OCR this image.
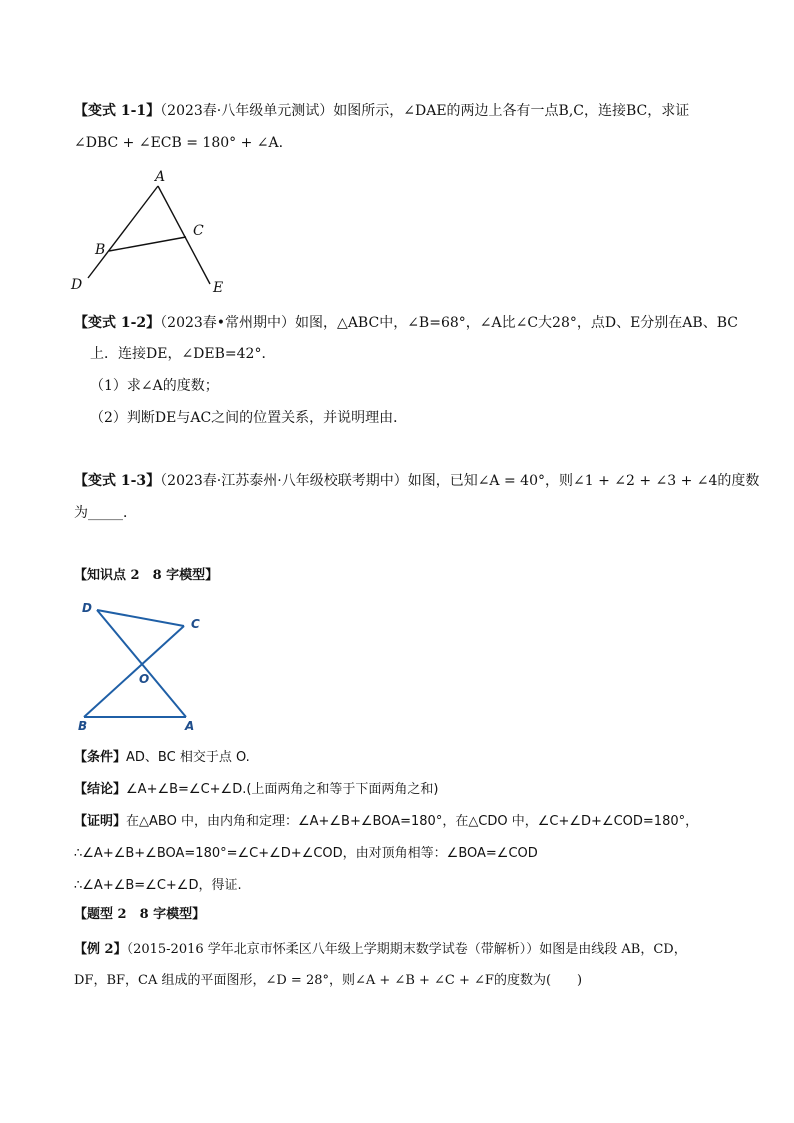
【变式 1-1】（2023春·八年级单元测试）如图所示，∠DAE的两边上各有一点B,C，连接BC，求证
∠DBC + ∠ECB = 180° + ∠A.
A
B
C
D	E
【变式 1-2】（2023春•常州期中）如图，△ABC中，∠B=68°，∠A比∠C大28°，点D、E分别在AB、BC
上．连接DE，∠DEB=42°．
（1）求∠A的度数；
（2）判断DE与AC之间的位置关系，并说明理由．
【变式 1-3】（2023春·江苏泰州·八年级校联考期中）如图，已知∠A = 40°，则∠1 + ∠2 + ∠3 + ∠4的度数
为_____．
【知识点 2　8 字模型】
D
C
O
B	A
【条件】AD、BC 相交于点 O.
【结论】∠A+∠B=∠C+∠D.(上面两角之和等于下面两角之和)
【证明】在△ABO 中，由内角和定理：∠A+∠B+∠BOA=180°，在△CDO 中，∠C+∠D+∠COD=180°，
∴∠A+∠B+∠BOA=180°=∠C+∠D+∠COD，由对顶角相等：∠BOA=∠COD
∴∠A+∠B=∠C+∠D，得证.
【题型 2　8 字模型】
【例 2】（2015-2016 学年北京市怀柔区八年级上学期期末数学试卷（带解析））如图是由线段 AB，CD，
DF，BF，CA 组成的平面图形，∠D = 28°，则∠A + ∠B + ∠C + ∠F的度数为(　　)
